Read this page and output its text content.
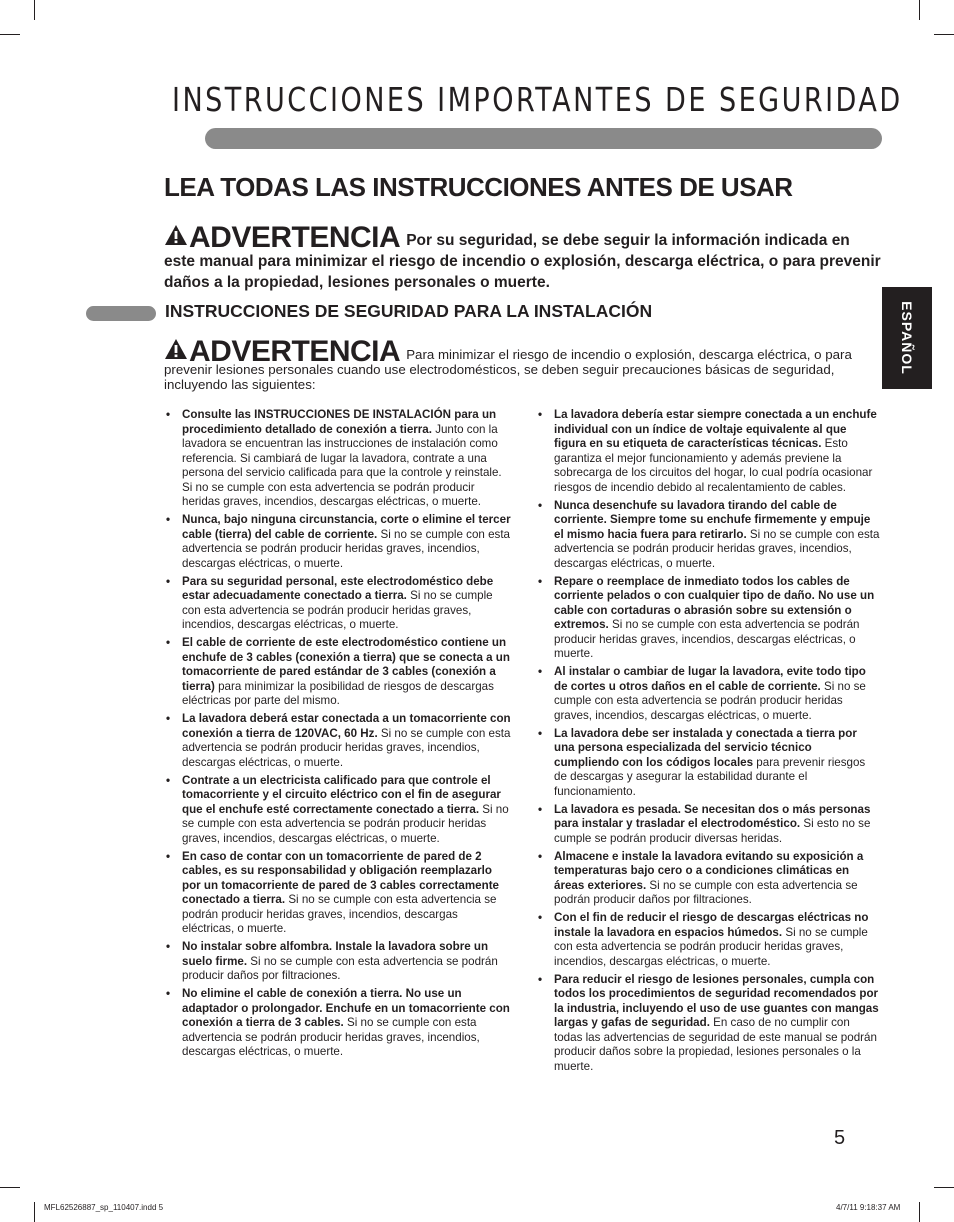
INSTRUCCIONES IMPORTANTES DE SEGURIDAD
LEA TODAS LAS INSTRUCCIONES ANTES DE USAR

ADVERTENCIA Por su seguridad, se debe seguir la información indicada en este manual para minimizar el riesgo de incendio o explosión, descarga eléctrica, o para prevenir daños a la propiedad, lesiones personales o muerte.

INSTRUCCIONES DE SEGURIDAD PARA LA INSTALACIÓN

ADVERTENCIA Para minimizar el riesgo de incendio o explosión, descarga eléctrica, o para prevenir lesiones personales cuando use electrodomésticos, se deben seguir precauciones básicas de seguridad, incluyendo las siguientes:

ESPAÑOL
• Consulte las INSTRUCCIONES DE INSTALACIÓN para un procedimiento detallado de conexión a tierra. Junto con la lavadora se encuentran las instrucciones de instalación como referencia. Si cambiará de lugar la lavadora, contrate a una persona del servicio calificada para que la controle y reinstale. Si no se cumple con esta advertencia se podrán producir heridas graves, incendios, descargas eléctricas, o muerte.
• Nunca, bajo ninguna circunstancia, corte o elimine el tercer cable (tierra) del cable de corriente. Si no se cumple con esta advertencia se podrán producir heridas graves, incendios, descargas eléctricas, o muerte.
• Para su seguridad personal, este electrodoméstico debe estar adecuadamente conectado a tierra. Si no se cumple con esta advertencia se podrán producir heridas graves, incendios, descargas eléctricas, o muerte.
• El cable de corriente de este electrodoméstico contiene un enchufe de 3 cables (conexión a tierra) que se conecta a un tomacorriente de pared estándar de 3 cables (conexión a tierra) para minimizar la posibilidad de riesgos de descargas eléctricas por parte del mismo.
• La lavadora deberá estar conectada a un tomacorriente con conexión a tierra de 120VAC, 60 Hz. Si no se cumple con esta advertencia se podrán producir heridas graves, incendios, descargas eléctricas, o muerte.
• Contrate a un electricista calificado para que controle el tomacorriente y el circuito eléctrico con el fin de asegurar que el enchufe esté correctamente conectado a tierra. Si no se cumple con esta advertencia se podrán producir heridas graves, incendios, descargas eléctricas, o muerte.
• En caso de contar con un tomacorriente de pared de 2 cables, es su responsabilidad y obligación reemplazarlo por un tomacorriente de pared de 3 cables correctamente conectado a tierra. Si no se cumple con esta advertencia se podrán producir heridas graves, incendios, descargas eléctricas, o muerte.
• No instalar sobre alfombra. Instale la lavadora sobre un suelo firme. Si no se cumple con esta advertencia se podrán producir daños por filtraciones.
• No elimine el cable de conexión a tierra. No use un adaptador o prolongador. Enchufe en un tomacorriente con conexión a tierra de 3 cables. Si no se cumple con esta advertencia se podrán producir heridas graves, incendios, descargas eléctricas, o muerte.
• La lavadora debería estar siempre conectada a un enchufe individual con un índice de voltaje equivalente al que figura en su etiqueta de características técnicas. Esto garantiza el mejor funcionamiento y además previene la sobrecarga de los circuitos del hogar, lo cual podría ocasionar riesgos de incendio debido al recalentamiento de cables.
• Nunca desenchufe su lavadora tirando del cable de corriente. Siempre tome su enchufe firmemente y empuje el mismo hacia fuera para retirarlo. Si no se cumple con esta advertencia se podrán producir heridas graves, incendios, descargas eléctricas, o muerte.
• Repare o reemplace de inmediato todos los cables de corriente pelados o con cualquier tipo de daño. No use un cable con cortaduras o abrasión sobre su extensión o extremos. Si no se cumple con esta advertencia se podrán producir heridas graves, incendios, descargas eléctricas, o muerte.
• Al instalar o cambiar de lugar la lavadora, evite todo tipo de cortes u otros daños en el cable de corriente. Si no se cumple con esta advertencia se podrán producir heridas graves, incendios, descargas eléctricas, o muerte.
• La lavadora debe ser instalada y conectada a tierra por una persona especializada del servicio técnico cumpliendo con los códigos locales para prevenir riesgos de descargas y asegurar la estabilidad durante el funcionamiento.
• La lavadora es pesada. Se necesitan dos o más personas para instalar y trasladar el electrodoméstico. Si esto no se cumple se podrán producir diversas heridas.
• Almacene e instale la lavadora evitando su exposición a temperaturas bajo cero o a condiciones climáticas en áreas exteriores. Si no se cumple con esta advertencia se podrán producir daños por filtraciones.
• Con el fin de reducir el riesgo de descargas eléctricas no instale la lavadora en espacios húmedos. Si no se cumple con esta advertencia se podrán producir heridas graves, incendios, descargas eléctricas, o muerte.
• Para reducir el riesgo de lesiones personales, cumpla con todos los procedimientos de seguridad recomendados por la industria, incluyendo el uso de use guantes con mangas largas y gafas de seguridad. En caso de no cumplir con todas las advertencias de seguridad de este manual se podrán producir daños sobre la propiedad, lesiones personales o la muerte.

5

MFL62526887_sp_110407.indd 5	4/7/11 9:18:37 AM
